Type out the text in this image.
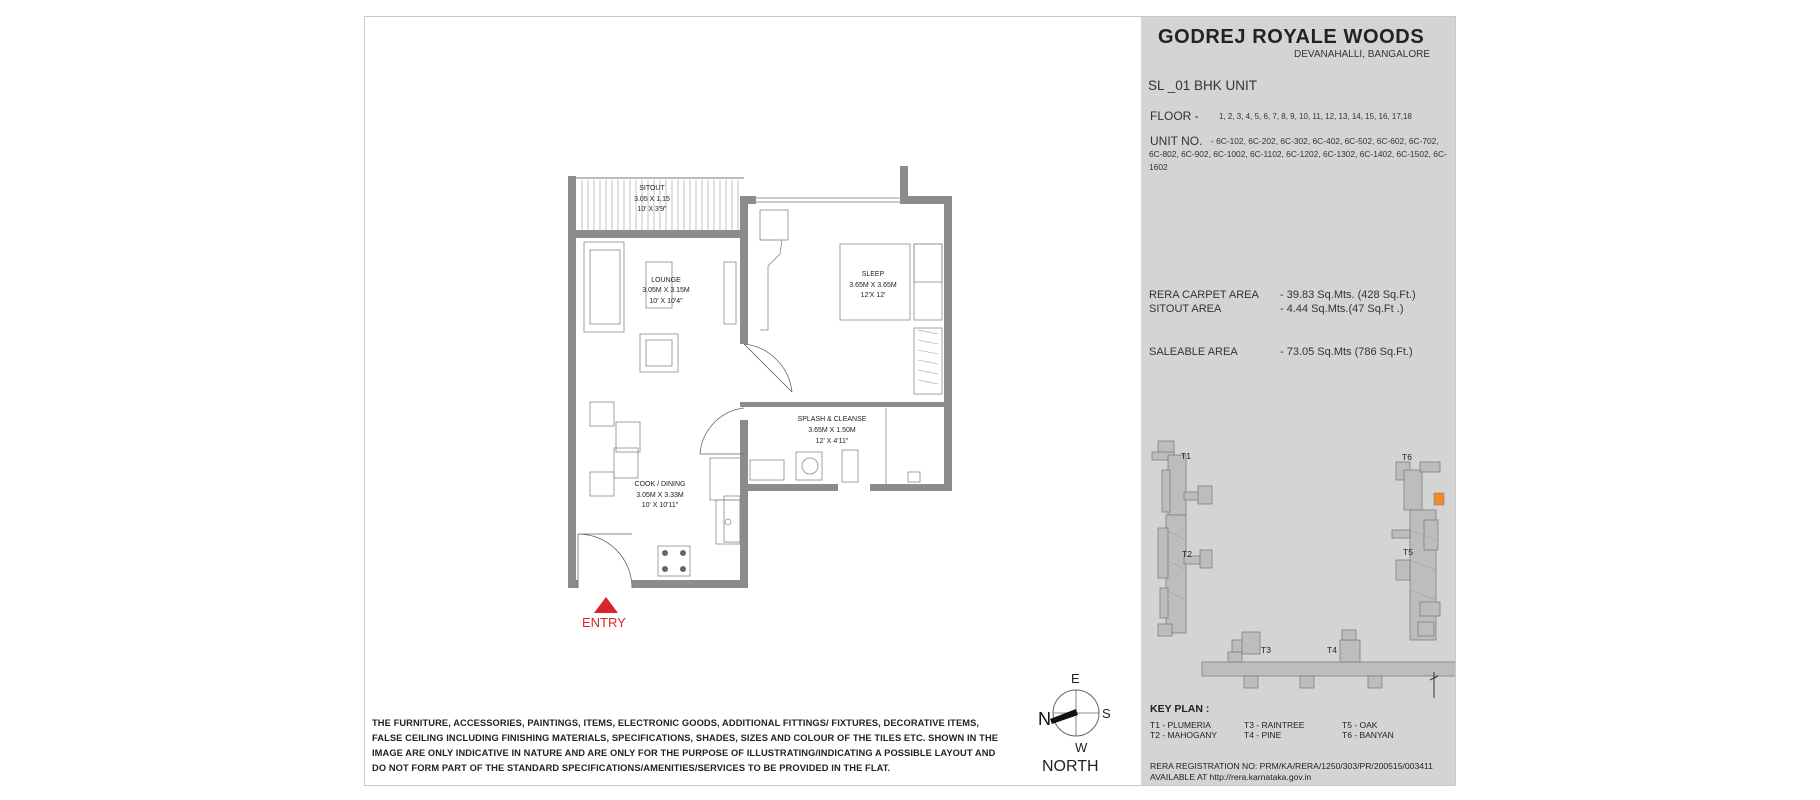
SITOUT
3.05 X 1.15
10' X 3'9"
LOUNGE
3.05M X 3.15M
10' X 10'4"
SLEEP
3.65M X 3.65M
12'X 12'
SPLASH & CLEANSE
3.65M X 1.50M
12' X 4'11"
COOK / DINING
3.05M X 3.33M
10' X 10'11"
ENTRY
THE FURNITURE, ACCESSORIES, PAINTINGS, ITEMS, ELECTRONIC GOODS, ADDITIONAL FITTINGS/ FIXTURES, DECORATIVE ITEMS, FALSE CEILING INCLUDING FINISHING MATERIALS, SPECIFICATIONS, SHADES, SIZES AND COLOUR OF THE TILES ETC. SHOWN IN THE IMAGE ARE ONLY INDICATIVE IN NATURE AND ARE ONLY FOR THE PURPOSE OF ILLUSTRATING/INDICATING A POSSIBLE LAYOUT AND DO NOT FORM PART OF THE STANDARD SPECIFICATIONS/AMENITIES/SERVICES TO BE PROVIDED IN THE FLAT.
E
S
W
N
NORTH
GODREJ ROYALE WOODS
DEVANAHALLI, BANGALORE
SL _01 BHK UNIT
FLOOR -	1, 2, 3, 4, 5, 6, 7, 8, 9, 10, 11, 12, 13, 14, 15, 16, 17,18
UNIT NO.	- 6C-102, 6C-202, 6C-302, 6C-402, 6C-502, 6C-602, 6C-702, 6C-802, 6C-902, 6C-1002, 6C-1102, 6C-1202, 6C-1302, 6C-1402, 6C-1502, 6C-1602
RERA CARPET AREA - 39.83 Sq.Mts. (428 Sq.Ft.)
SITOUT AREA	- 4.44 Sq.Mts.(47 Sq.Ft .)
SALEABLE AREA	- 73.05 Sq.Mts (786 Sq.Ft.)
T1
T2
T3	T4
T5
T6
KEY PLAN :
T1 - PLUMERIA
T2 - MAHOGANY
T3 - RAINTREE
T4 - PINE
T5 - OAK
T6 - BANYAN
RERA REGISTRATION NO: PRM/KA/RERA/1250/303/PR/200515/003411
AVAILABLE AT http://rera.karnataka.gov.in
